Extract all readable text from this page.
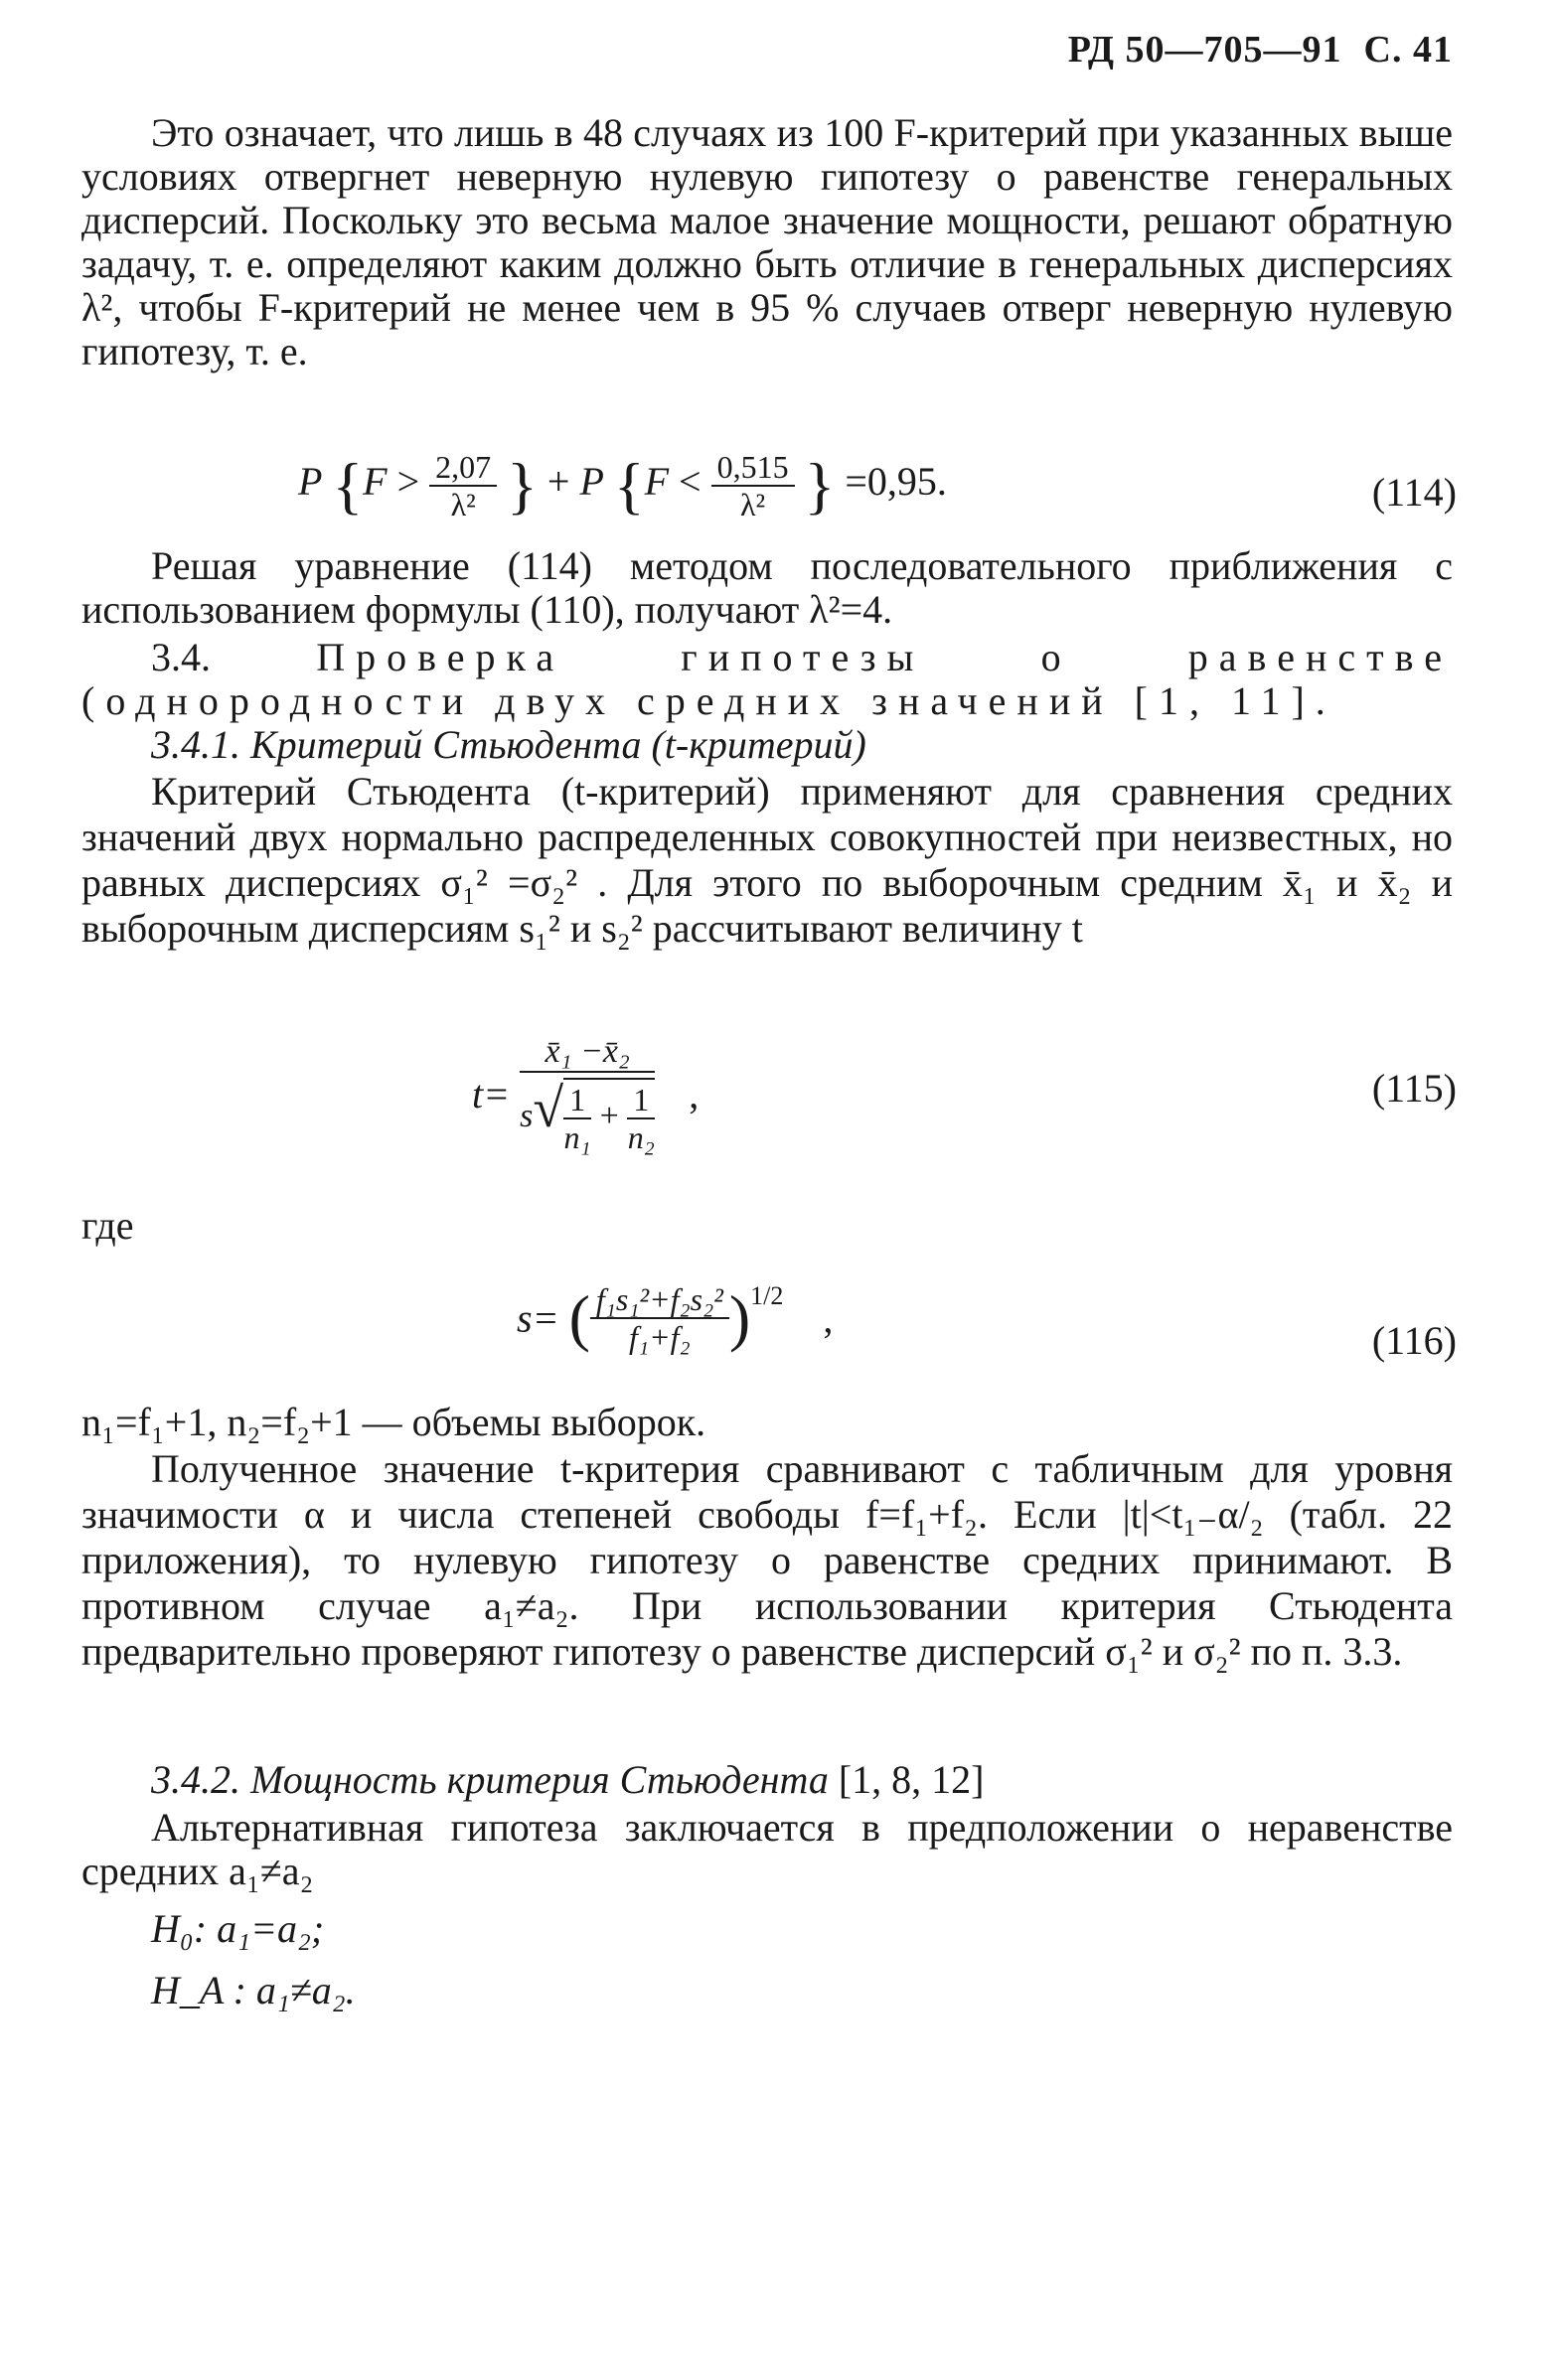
РД 50—705—91 С. 41
Это означает, что лишь в 48 случаях из 100 F-критерий при указанных выше условиях отвергнет неверную нулевую гипотезу о равенстве генеральных дисперсий. Поскольку это весьма малое значение мощности, решают обратную задачу, т. е. определяют каким должно быть отличие в генеральных дисперсиях λ², чтобы F-критерий не менее чем в 95 % случаев отверг неверную нулевую гипотезу, т. е.
P {$F > \frac{2,07}{\text{λ²}}$ } + P {$F < \frac{0,515}{\text{λ²}}$ } =0,95.	(114)
Решая уравнение (114) методом последовательного приближения с использованием формулы (110), получают λ²=4.
3.4.	Проверка гипотезы о равенстве (однородности двух средних значений [1, 11].
3.4.1. Критерий Стьюдента (t-критерий)
Критерий Стьюдента (t-критерий) применяют для сравнения средних значений двух нормально распределенных совокупностей при неизвестных, но равных дисперсиях σ₁² =σ₂² . Для этого по выборочным средним x̄₁ и x̄₂ и выборочным дисперсиям s₁² и s₂² рассчитывают величину t
$t= \frac{\text{x̄₁ −x̄₂}}{s√ \frac{1}{\text{n₁}} + \frac{1}{\text{n₂}}}$ ,	(115)
где
s= ( $\frac{\text{f₁s₁²+f₂s₂²}}{\text{f₁+f₂}} )^{1/2}$ ,	(116)
n₁=f₁+1, n₂=f₂+1 — объемы выборок.
Полученное значение t-критерия сравнивают с табличным для уровня значимости α и числа степеней свободы f=f₁+f₂. Если |t|<t₁₋α/₂ (табл. 22 приложения), то нулевую гипотезу о равенстве средних принимают. В противном случае a₁≠a₂. При использовании критерия Стьюдента предварительно проверяют гипотезу о равенстве дисперсий σ₁² и σ₂² по п. 3.3.
3.4.2. Мощность критерия Стьюдента [1, 8, 12]
Альтернативная гипотеза заключается в предположении о неравенстве средних a₁≠a₂
H₀: a₁=a₂;
H_A : a₁≠a₂.
